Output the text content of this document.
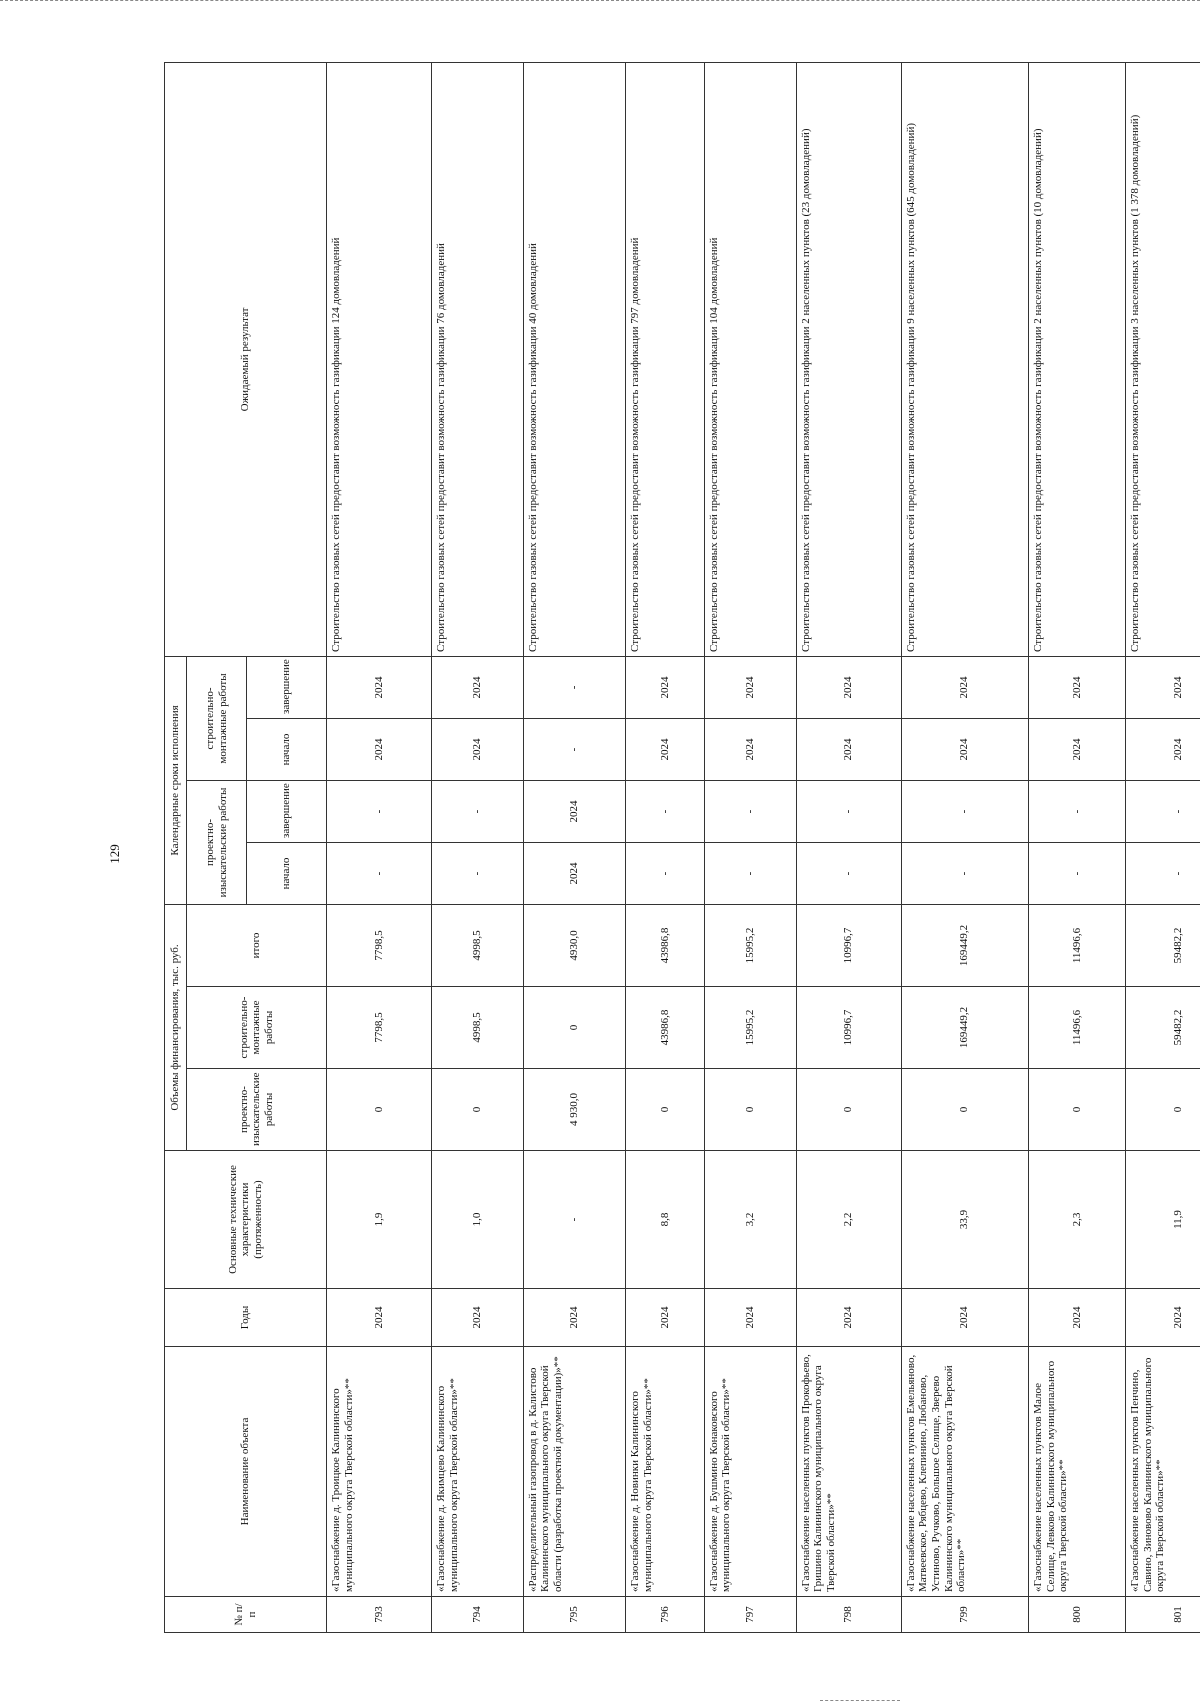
129
№ п/п	Наименование объекта	Годы	Основные технические характеристики (протяженность)	Объемы финансирования, тыс. руб.			Календарные сроки исполнения				Ожидаемый результат
				проектно-изыскательские работы	строительно-монтажные работы	итого	проектно-изыскательские работы		строительно-монтажные работы		
							начало	завершение	начало	завершение	
793	«Газоснабжение д. Троицкое Калининского муниципального округа Тверской области»**	2024	1,9	0	7798,5	7798,5	-	-	2024	2024	Строительство газовых сетей предоставит возможность газификации 124 домовладений
794	«Газоснабжение д. Якимцево Калининского муниципального округа Тверской области»**	2024	1,0	0	4998,5	4998,5	-	-	2024	2024	Строительство газовых сетей предоставит возможность газификации 76 домовладений
795	«Распределительный газопровод в д. Калистово Калининского муниципального округа Тверской области (разработка проектной документации)»**	2024	-	4 930,0	0	4930,0	2024	2024	-	-	Строительство газовых сетей предоставит возможность газификации 40 домовладений
796	«Газоснабжение д. Новинки Калининского муниципального округа Тверской области»**	2024	8,8	0	43986,8	43986,8	-	-	2024	2024	Строительство газовых сетей предоставит возможность газификации 797 домовладений
797	«Газоснабжение д. Бушмино Конаковского муниципального округа Тверской области»**	2024	3,2	0	15995,2	15995,2	-	-	2024	2024	Строительство газовых сетей предоставит возможность газификации 104 домовладений
798	«Газоснабжение населенных пунктов Прокофьево, Гришино Калининского муниципального округа Тверской области»**	2024	2,2	0	10996,7	10996,7	-	-	2024	2024	Строительство газовых сетей предоставит возможность газификации 2 населенных пунктов (23 домовладений)
799	«Газоснабжение населенных пунктов Емельяновo, Матвеевское, Рябцево, Клепинино, Любаново, Устиново, Ручково, Большое Селище, Зверево Калининского муниципального округа Тверской области»**	2024	33,9	0	169449,2	169449,2	-	-	2024	2024	Строительство газовых сетей предоставит возможность газификации 9 населенных пунктов (645 домовладений)
800	«Газоснабжение населенных пунктов Малое Селище, Левково Калининского муниципального округа Тверской области»**	2024	2,3	0	11496,6	11496,6	-	-	2024	2024	Строительство газовых сетей предоставит возможность газификации 2 населенных пунктов (10 домовладений)
801	«Газоснабжение населенных пунктов Пенчино, Савино, Зиновово Калининского муниципального округа Тверской области»**	2024	11,9	0	59482,2	59482,2	-	-	2024	2024	Строительство газовых сетей предоставит возможность газификации 3 населенных пунктов (1 378 домовладений)
